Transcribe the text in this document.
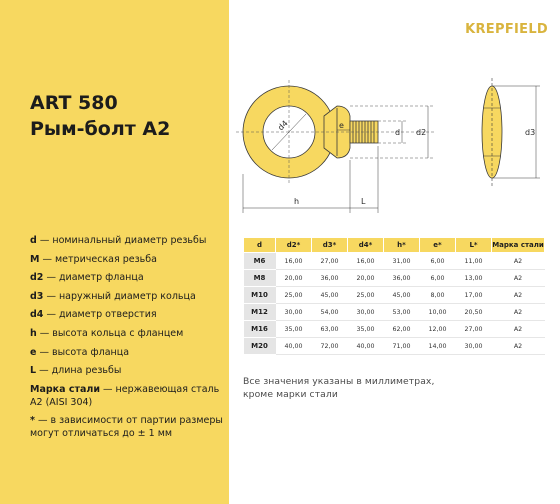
ART 580
Рым-болт А2
d — номинальный диаметр резьбы
M — метрическая резьба
d2 — диаметр фланца
d3 — наружный диаметр кольца
d4 — диаметр отверстия
h — высота кольца с фланцем
e — высота фланца
L — длина резьбы
Марка стали — нержавеющая сталь А2 (AISI 304)
* — в зависимости от партии размеры могут отличаться до ± 1 мм
KREPFIELD
d4	e
d d2	d3
h	L
d	d2*	d3*	d4*	h*	e*	L*	Марка стали
M6	16,00	27,00	16,00	31,00	6,00	11,00	A2
M8	20,00	36,00	20,00	36,00	6,00	13,00	A2
M10	25,00	45,00	25,00	45,00	8,00	17,00	A2
M12	30,00	54,00	30,00	53,00	10,00	20,50	A2
M16	35,00	63,00	35,00	62,00	12,00	27,00	A2
M20	40,00	72,00	40,00	71,00	14,00	30,00	A2
Все значения указаны в миллиметрах,
кроме марки стали
